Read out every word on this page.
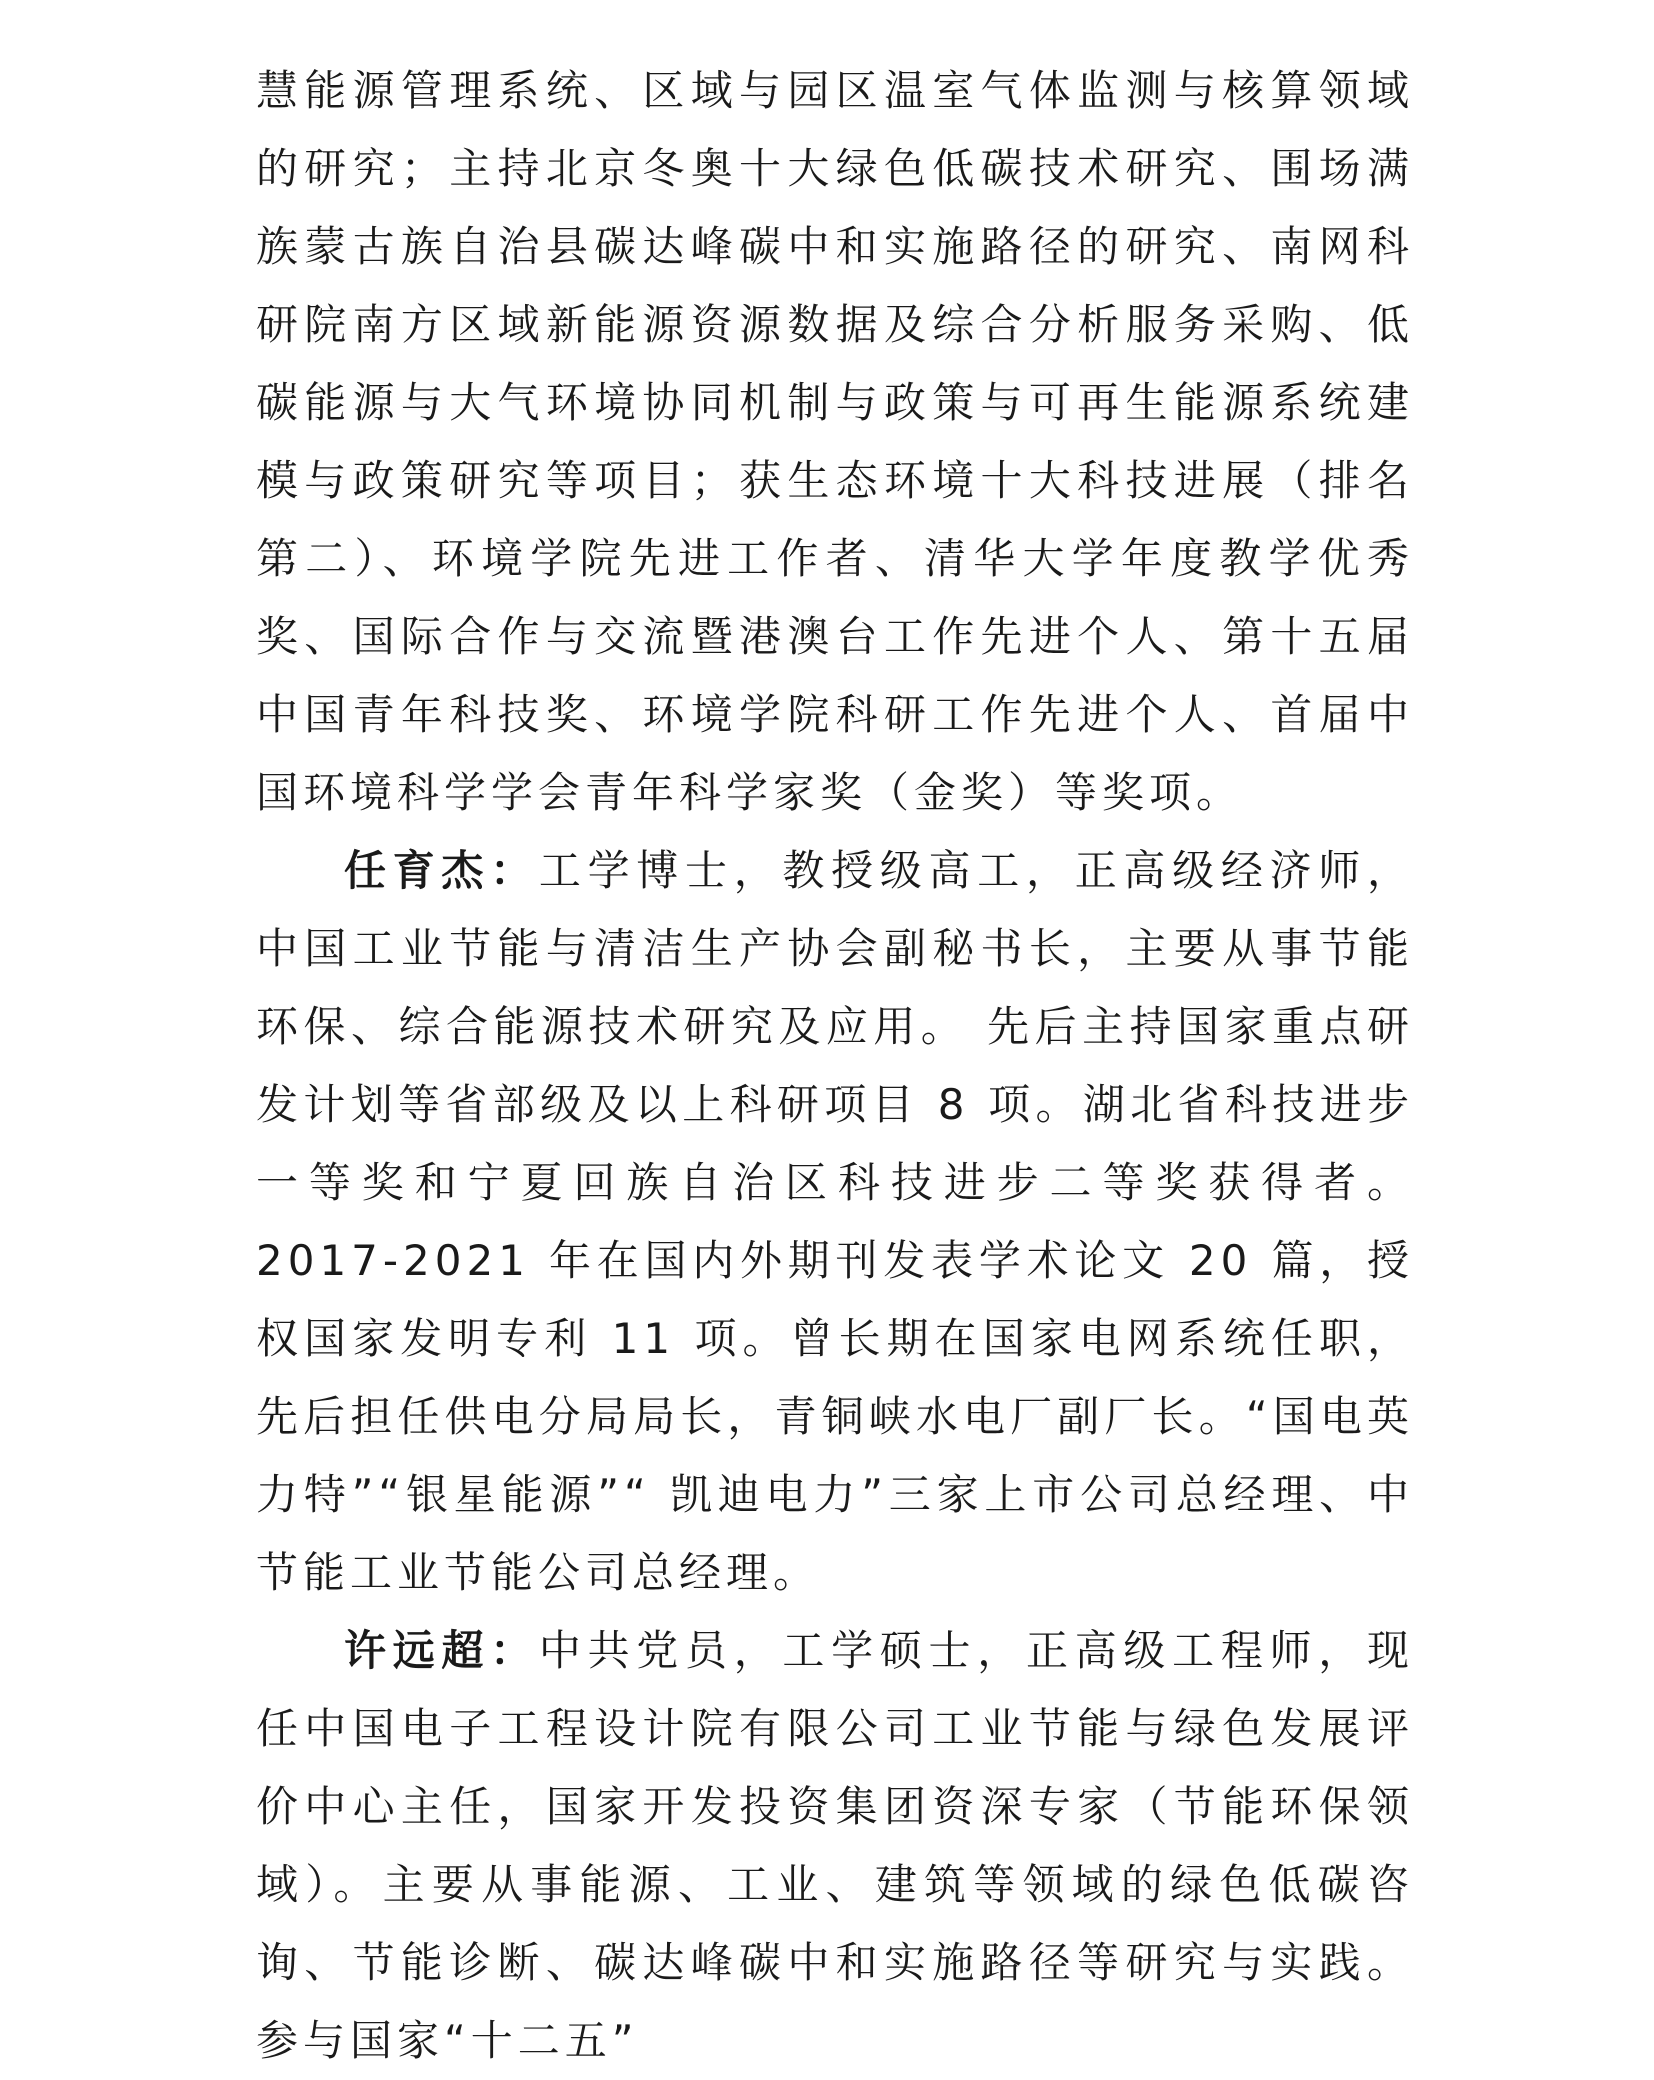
慧能源管理系统、区域与园区温室气体监测与核算领域的研究；主持北京冬奥十大绿色低碳技术研究、围场满族蒙古族自治县碳达峰碳中和实施路径的研究、南网科研院南方区域新能源资源数据及综合分析服务采购、低碳能源与大气环境协同机制与政策与可再生能源系统建模与政策研究等项目；获生态环境十大科技进展（排名第二）、环境学院先进工作者、清华大学年度教学优秀奖、国际合作与交流暨港澳台工作先进个人、第十五届中国青年科技奖、环境学院科研工作先进个人、首届中国环境科学学会青年科学家奖（金奖）等奖项。

任育杰：工学博士，教授级高工，正高级经济师，中国工业节能与清洁生产协会副秘书长，主要从事节能环保、综合能源技术研究及应用。 先后主持国家重点研发计划等省部级及以上科研项目 8 项。湖北省科技进步一等奖和宁夏回族自治区科技进步二等奖获得者。2017-2021 年在国内外期刊发表学术论文 20 篇，授权国家发明专利 11 项。曾长期在国家电网系统任职，先后担任供电分局局长，青铜峡水电厂副厂长。“国电英力特”“银星能源”“ 凯迪电力”三家上市公司总经理、中节能工业节能公司总经理。

许远超：中共党员，工学硕士，正高级工程师，现任中国电子工程设计院有限公司工业节能与绿色发展评价中心主任，国家开发投资集团资深专家（节能环保领域）。主要从事能源、工业、建筑等领域的绿色低碳咨询、节能诊断、碳达峰碳中和实施路径等研究与实践。参与国家“十二五”
